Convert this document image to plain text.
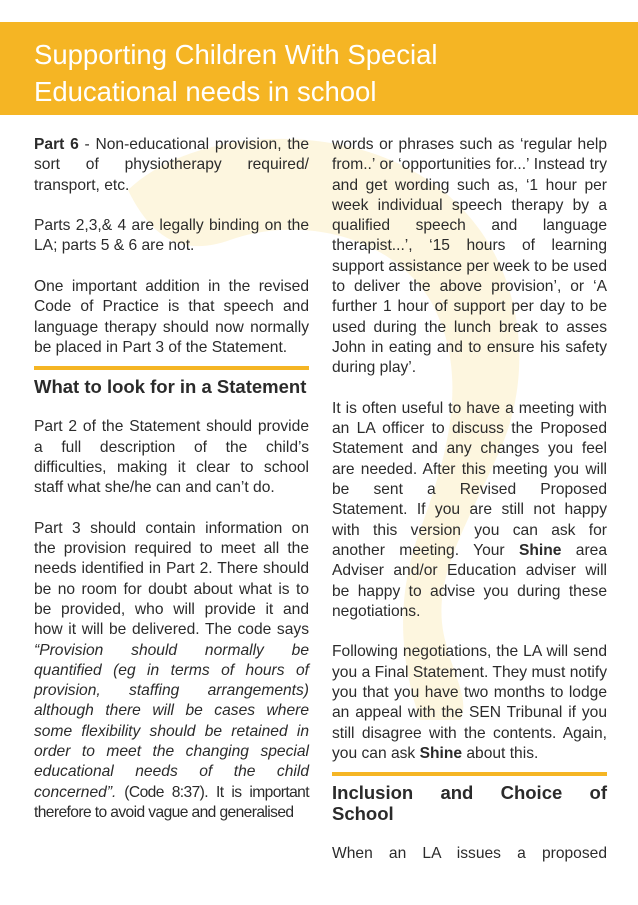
Supporting Children With Special
Educational needs in school

Part 6 - Non-educational provision, the sort of physiotherapy required/ transport, etc.

Parts 2,3,& 4 are legally binding on the LA; parts 5 & 6 are not.

One important addition in the revised Code of Practice is that speech and language therapy should now normally be placed in Part 3 of the Statement.

What to look for in a Statement

Part 2 of the Statement should provide a full description of the child’s difficulties, making it clear to school staff what she/he can and can’t do.

Part 3 should contain information on the provision required to meet all the needs identified in Part 2. There should be no room for doubt about what is to be provided, who will provide it and how it will be delivered. The code says “Provision should normally be quantified (eg in terms of hours of provision, staffing arrangements) although there will be cases where some flexibility should be retained in order to meet the changing special educational needs of the child concerned”. (Code 8:37). It is important therefore to avoid vague and generalised

words or phrases such as ‘regular help from..’ or ‘opportunities for...’ Instead try and get wording such as, ‘1 hour per week individual speech therapy by a qualified speech and language therapist...’, ‘15 hours of learning support assistance per week to be used to deliver the above provision’, or ‘A further 1 hour of support per day to be used during the lunch break to asses John in eating and to ensure his safety during play’.

It is often useful to have a meeting with an LA officer to discuss the Proposed Statement and any changes you feel are needed. After this meeting you will be sent a Revised Proposed Statement. If you are still not happy with this version you can ask for another meeting. Your Shine area Adviser and/or Education adviser will be happy to advise you during these negotiations.

Following negotiations, the LA will send you a Final Statement. They must notify you that you have two months to lodge an appeal with the SEN Tribunal if you still disagree with the contents. Again, you can ask Shine about this.

Inclusion and Choice of School

When an LA issues a proposed
